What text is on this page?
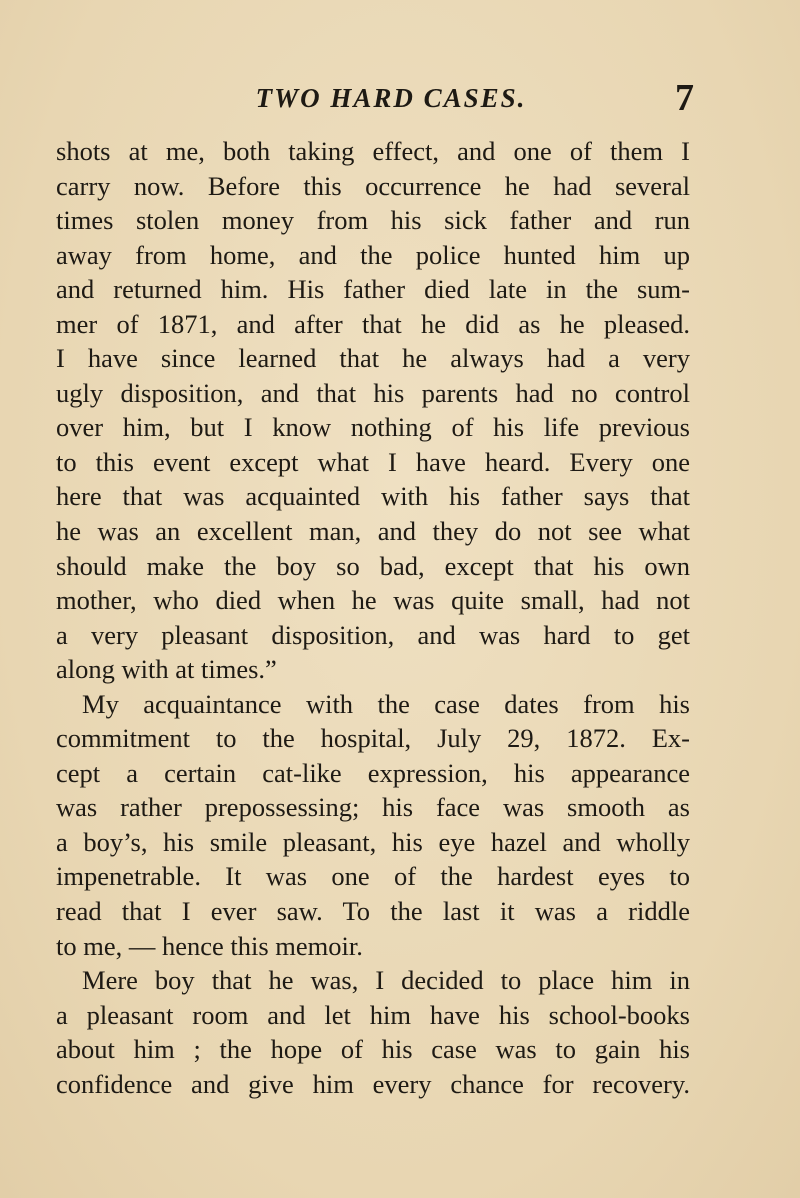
TWO HARD CASES.	7
shots at me, both taking effect, and one of them I
carry now. Before this occurrence he had several
times stolen money from his sick father and run
away from home, and the police hunted him up
and returned him. His father died late in the sum-
mer of 1871, and after that he did as he pleased.
I have since learned that he always had a very
ugly disposition, and that his parents had no control
over him, but I know nothing of his life previous
to this event except what I have heard. Every one
here that was acquainted with his father says that
he was an excellent man, and they do not see what
should make the boy so bad, except that his own
mother, who died when he was quite small, had not
a very pleasant disposition, and was hard to get
along with at times.”
My acquaintance with the case dates from his
commitment to the hospital, July 29, 1872. Ex-
cept a certain cat-like expression, his appearance
was rather prepossessing; his face was smooth as
a boy’s, his smile pleasant, his eye hazel and wholly
impenetrable. It was one of the hardest eyes to
read that I ever saw. To the last it was a riddle
to me, — hence this memoir.
Mere boy that he was, I decided to place him in
a pleasant room and let him have his school-books
about him ; the hope of his case was to gain his
confidence and give him every chance for recovery.
